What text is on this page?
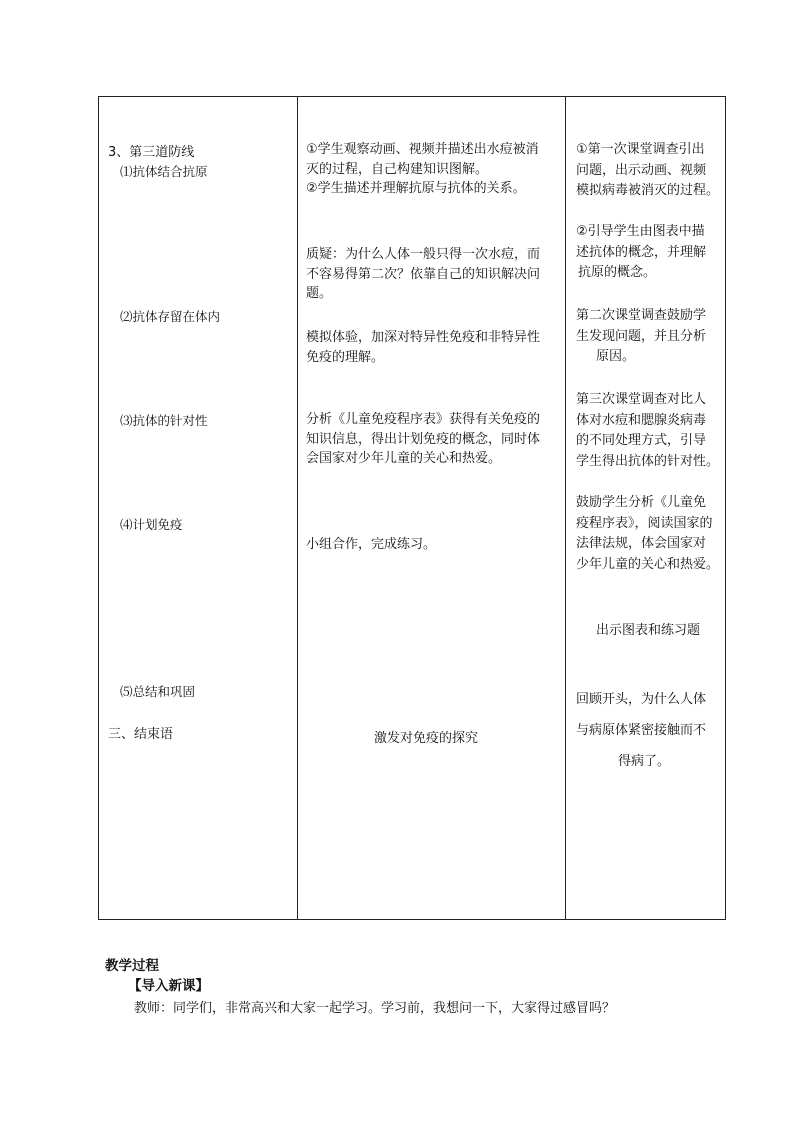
3、第三道防线
⑴抗体结合抗原
⑵抗体存留在体内
⑶抗体的针对性
⑷计划免疫
⑸总结和巩固
三、结束语
①学生观察动画、视频并描述出水痘被消
灭的过程，自己构建知识图解。
②学生描述并理解抗原与抗体的关系。
质疑：为什么人体一般只得一次水痘，而
不容易得第二次？依靠自己的知识解决问
题。
模拟体验，加深对特异性免疫和非特异性
免疫的理解。
分析《儿童免疫程序表》获得有关免疫的
知识信息，得出计划免疫的概念，同时体
会国家对少年儿童的关心和热爱。
小组合作，完成练习。
激发对免疫的探究
①第一次课堂调查引出
问题，出示动画、视频
模拟病毒被消灭的过程。
②引导学生由图表中描
述抗体的概念，并理解
抗原的概念。
第二次课堂调查鼓励学
生发现问题，并且分析
原因。
第三次课堂调查对比人
体对水痘和腮腺炎病毒
的不同处理方式，引导
学生得出抗体的针对性。
鼓励学生分析《儿童免
疫程序表》，阅读国家的
法律法规，体会国家对
少年儿童的关心和热爱。
出示图表和练习题
回顾开头，为什么人体
与病原体紧密接触而不
得病了。
教学过程
【导入新课】
教师：同学们，非常高兴和大家一起学习。学习前，我想问一下，大家得过感冒吗？
